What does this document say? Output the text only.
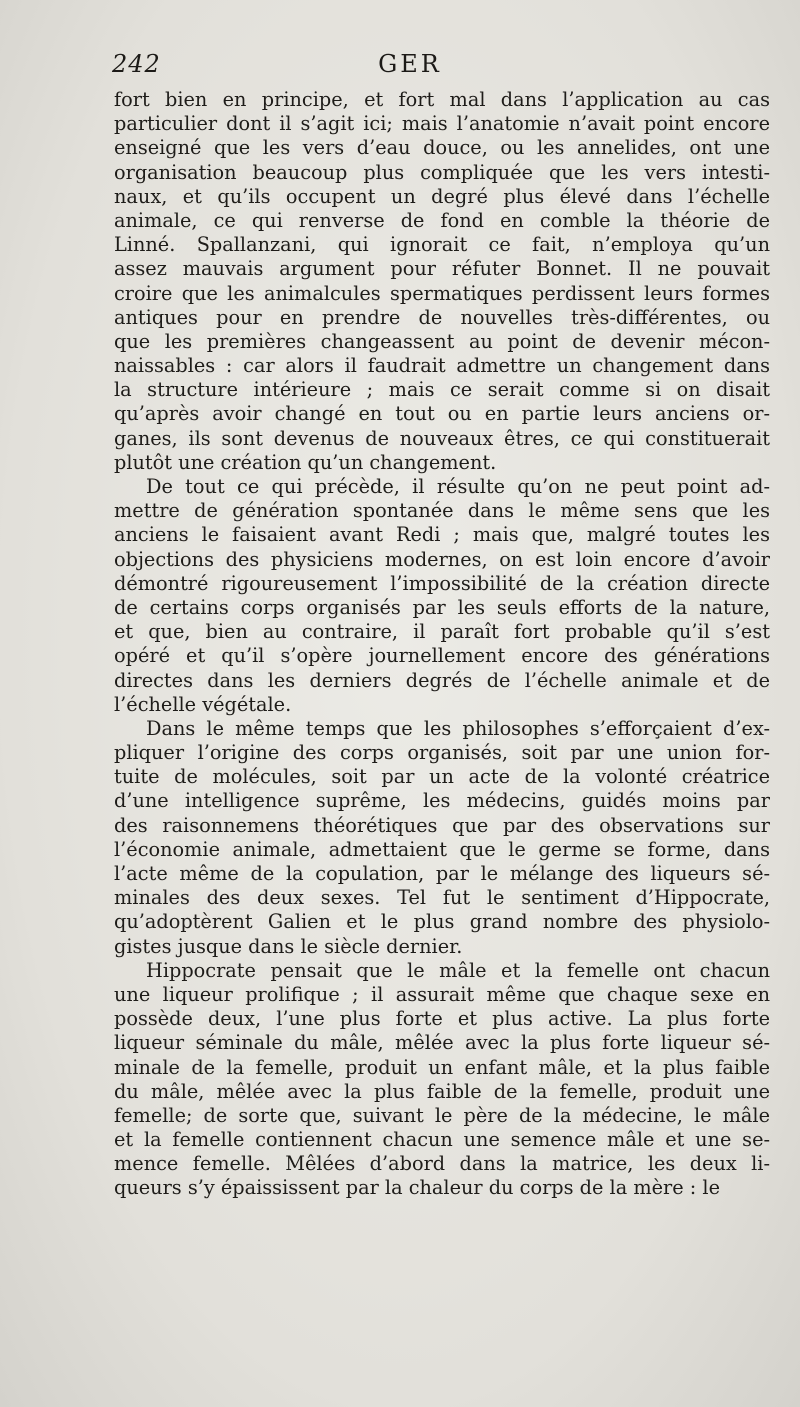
242	GER
fort bien en principe, et fort mal dans l’application au cas
particulier dont il s’agit ici; mais l’anatomie n’avait point encore
enseigné que les vers d’eau douce, ou les annelides, ont une
organisation beaucoup plus compliquée que les vers intesti-
naux, et qu’ils occupent un degré plus élevé dans l’échelle
animale, ce qui renverse de fond en comble la théorie de
Linné. Spallanzani, qui ignorait ce fait, n’employa qu’un
assez mauvais argument pour réfuter Bonnet. Il ne pouvait
croire que les animalcules spermatiques perdissent leurs formes
antiques pour en prendre de nouvelles très-différentes, ou
que les premières changeassent au point de devenir mécon-
naissables : car alors il faudrait admettre un changement dans
la structure intérieure ; mais ce serait comme si on disait
qu’après avoir changé en tout ou en partie leurs anciens or-
ganes, ils sont devenus de nouveaux êtres, ce qui constituerait
plutôt une création qu’un changement.
De tout ce qui précède, il résulte qu’on ne peut point ad-
mettre de génération spontanée dans le même sens que les
anciens le faisaient avant Redi ; mais que, malgré toutes les
objections des physiciens modernes, on est loin encore d’avoir
démontré rigoureusement l’impossibilité de la création directe
de certains corps organisés par les seuls efforts de la nature,
et que, bien au contraire, il paraît fort probable qu’il s’est
opéré et qu’il s’opère journellement encore des générations
directes dans les derniers degrés de l’échelle animale et de
l’échelle végétale.
Dans le même temps que les philosophes s’efforçaient d’ex-
pliquer l’origine des corps organisés, soit par une union for-
tuite de molécules, soit par un acte de la volonté créatrice
d’une intelligence suprême, les médecins, guidés moins par
des raisonnemens théorétiques que par des observations sur
l’économie animale, admettaient que le germe se forme, dans
l’acte même de la copulation, par le mélange des liqueurs sé-
minales des deux sexes. Tel fut le sentiment d’Hippocrate,
qu’adoptèrent Galien et le plus grand nombre des physiolo-
gistes jusque dans le siècle dernier.
Hippocrate pensait que le mâle et la femelle ont chacun
une liqueur prolifique ; il assurait même que chaque sexe en
possède deux, l’une plus forte et plus active. La plus forte
liqueur séminale du mâle, mêlée avec la plus forte liqueur sé-
minale de la femelle, produit un enfant mâle, et la plus faible
du mâle, mêlée avec la plus faible de la femelle, produit une
femelle; de sorte que, suivant le père de la médecine, le mâle
et la femelle contiennent chacun une semence mâle et une se-
mence femelle. Mêlées d’abord dans la matrice, les deux li-
queurs s’y épaississent par la chaleur du corps de la mère : le
